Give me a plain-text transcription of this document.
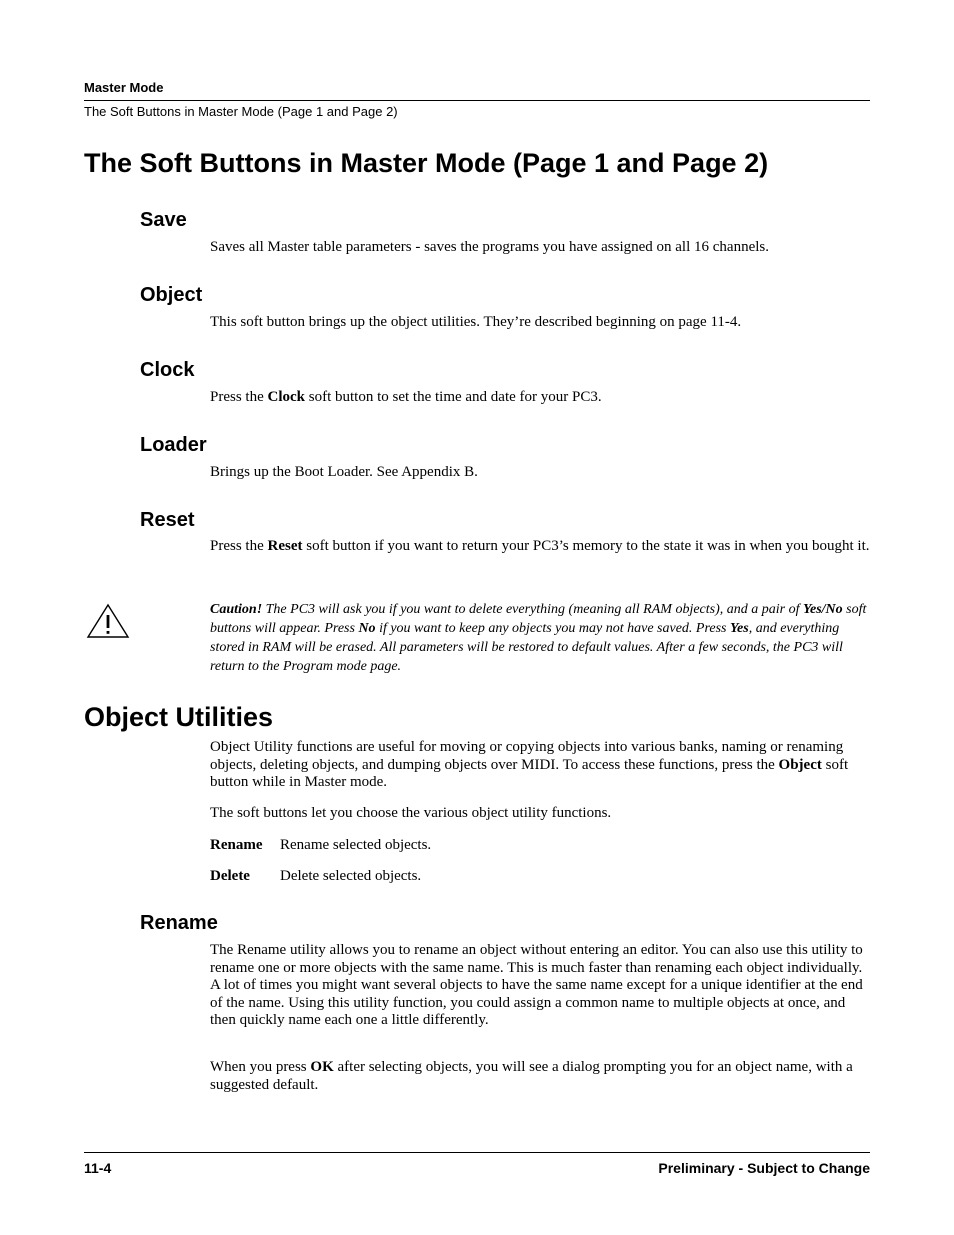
Master Mode
The Soft Buttons in Master Mode (Page 1 and Page 2)
The Soft Buttons in Master Mode (Page 1 and Page 2)
Save

Saves all Master table parameters - saves the programs you have assigned on all 16 channels.

Object

This soft button brings up the object utilities. They’re described beginning on page 11-4.

Clock

Press the Clock soft button to set the time and date for your PC3.

Loader

Brings up the Boot Loader. See Appendix B.

Reset

Press the Reset soft button if you want to return your PC3’s memory to the state it was in when you bought it.

Caution! The PC3 will ask you if you want to delete everything (meaning all RAM objects), and a pair of Yes/No soft buttons will appear. Press No if you want to keep any objects you may not have saved. Press Yes, and everything stored in RAM will be erased. All parameters will be restored to default values. After a few seconds, the PC3 will return to the Program mode page.

Object Utilities

Object Utility functions are useful for moving or copying objects into various banks, naming or renaming objects, deleting objects, and dumping objects over MIDI. To access these functions, press the Object soft button while in Master mode.

The soft buttons let you choose the various object utility functions.

Rename Rename selected objects.
Delete Delete selected objects.
Rename

The Rename utility allows you to rename an object without entering an editor. You can also use this utility to rename one or more objects with the same name. This is much faster than renaming each object individually. A lot of times you might want several objects to have the same name except for a unique identifier at the end of the name. Using this utility function, you could assign a common name to multiple objects at once, and then quickly name each one a little differently.

When you press OK after selecting objects, you will see a dialog prompting you for an object name, with a suggested default.

11-4	Preliminary - Subject to Change
